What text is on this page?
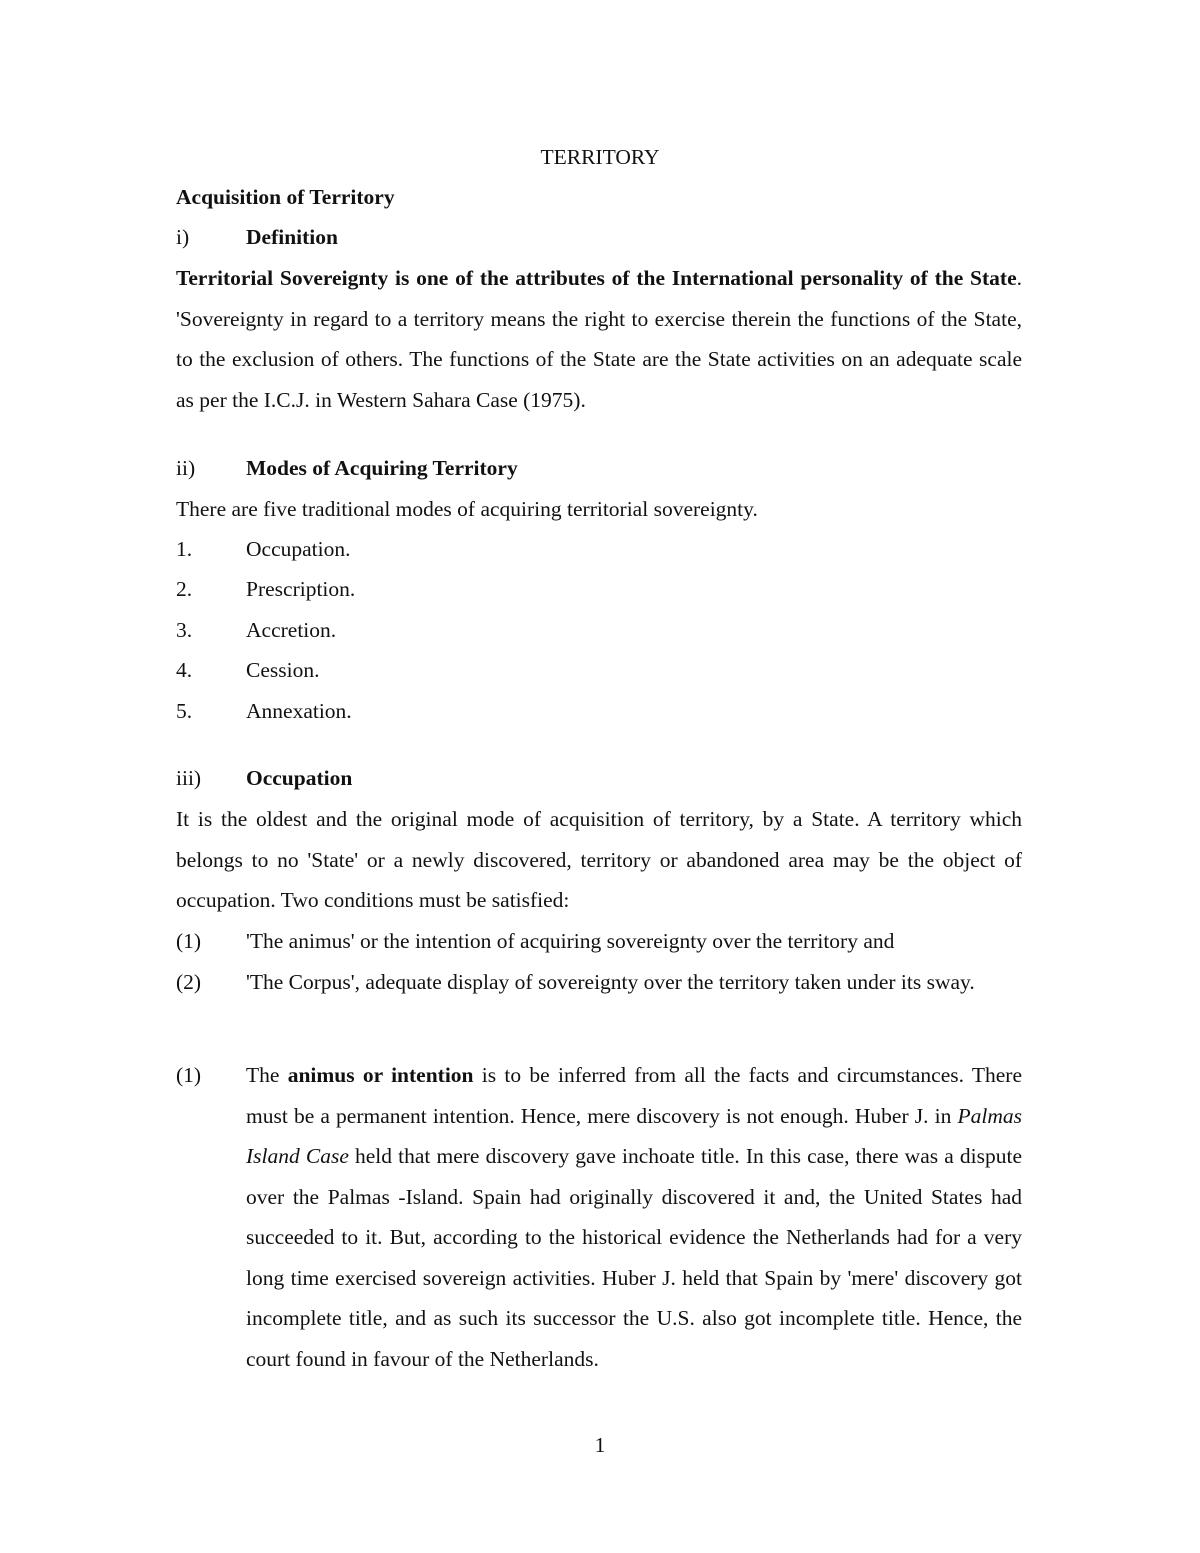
TERRITORY
Acquisition of Territory
i)	Definition
Territorial Sovereignty is one of the attributes of the International personality of the State. 'Sovereignty in regard to a territory means the right to exercise therein the functions of the State, to the exclusion of others. The functions of the State are the State activities on an adequate scale as per the I.C.J. in Western Sahara Case (1975).
ii) Modes of Acquiring Territory
There are five traditional modes of acquiring territorial sovereignty.
1.	Occupation.
2.	Prescription.
3.	Accretion.
4.	Cession.
5.	Annexation.
iii) Occupation
It is the oldest and the original mode of acquisition of territory, by a State. A territory which belongs to no 'State' or a newly discovered, territory or abandoned area may be the object of occupation. Two conditions must be satisfied:
(1) 'The animus' or the intention of acquiring sovereignty over the territory and
(2) 'The Corpus', adequate display of sovereignty over the territory taken under its sway.
(1) The animus or intention is to be inferred from all the facts and circumstances. There must be a permanent intention. Hence, mere discovery is not enough. Huber J. in Palmas Island Case held that mere discovery gave inchoate title. In this case, there was a dispute over the Palmas -Island. Spain had originally discovered it and, the United States had succeeded to it. But, according to the historical evidence the Netherlands had for a very long time exercised sovereign activities. Huber J. held that Spain by 'mere' discovery got incomplete title, and as such its successor the U.S. also got incomplete title. Hence, the court found in favour of the Netherlands.
1
